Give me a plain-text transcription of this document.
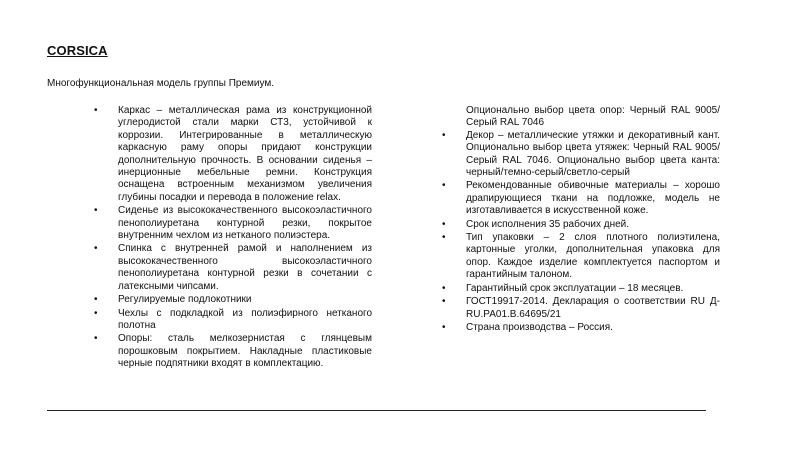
CORSICA

Многофункциональная модель группы Премиум.

• Каркас – металлическая рама из конструкционной углеродистой стали марки СТ3, устойчивой к коррозии. Интегрированные в металлическую каркасную раму опоры придают конструкции дополнительную прочность. В основании сиденья – инерционные мебельные ремни. Конструкция оснащена встроенным механизмом увеличения глубины посадки и перевода в положение relax.
• Сиденье из высококачественного высокоэластичного пенополиуретана контурной резки, покрытое внутренним чехлом из нетканого полиэстера.
• Спинка с внутренней рамой и наполнением из высококачественного высокоэластичного пенополиуретана контурной резки в сочетании с латексными чипсами.
• Регулируемые подлокотники
• Чехлы с подкладкой из полиэфирного нетканого полотна
• Опоры: сталь мелкозернистая с глянцевым порошковым покрытием. Накладные пластиковые черные подпятники входят в комплектацию.

Опционально выбор цвета опор: Черный RAL 9005/ Серый RAL 7046

• Декор – металлические утяжки и декоративный кант. Опционально выбор цвета утяжек: Черный RAL 9005/ Серый RAL 7046. Опционально выбор цвета канта: черный/темно-серый/светло-серый
• Рекомендованные обивочные материалы – хорошо драпирующиеся ткани на подложке, модель не изготавливается в искусственной коже.
• Срок исполнения 35 рабочих дней.
• Тип упаковки – 2 слоя плотного полиэтилена, картонные уголки, дополнительная упаковка для опор. Каждое изделие комплектуется паспортом и гарантийным талоном.
• Гарантийный срок эксплуатации – 18 месяцев.
• ГОСТ19917-2014. Декларация о соответствии RU Д-RU.РА01.В.64695/21
• Страна производства – Россия.
